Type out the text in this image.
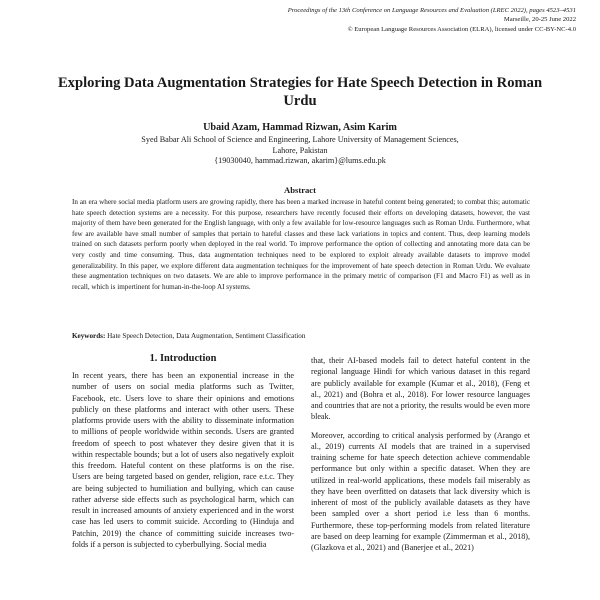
Proceedings of the 13th Conference on Language Resources and Evaluation (LREC 2022), pages 4523–4531
Marseille, 20-25 June 2022
© European Language Resources Association (ELRA), licensed under CC-BY-NC-4.0
Exploring Data Augmentation Strategies for Hate Speech Detection in Roman Urdu
Ubaid Azam, Hammad Rizwan, Asim Karim
Syed Babar Ali School of Science and Engineering, Lahore University of Management Sciences,
Lahore, Pakistan
{19030040, hammad.rizwan, akarim}@lums.edu.pk
Abstract
In an era where social media platform users are growing rapidly, there has been a marked increase in hateful content being generated; to combat this; automatic hate speech detection systems are a necessity. For this purpose, researchers have recently focused their efforts on developing datasets, however, the vast majority of them have been generated for the English language, with only a few available for low-resource languages such as Roman Urdu. Furthermore, what few are available have small number of samples that pertain to hateful classes and these lack variations in topics and content. Thus, deep learning models trained on such datasets perform poorly when deployed in the real world. To improve performance the option of collecting and annotating more data can be very costly and time consuming. Thus, data augmentation techniques need to be explored to exploit already available datasets to improve model generalizability. In this paper, we explore different data augmentation techniques for the improvement of hate speech detection in Roman Urdu. We evaluate these augmentation techniques on two datasets. We are able to improve performance in the primary metric of comparison (F1 and Macro F1) as well as in recall, which is impertinent for human-in-the-loop AI systems.
Keywords: Hate Speech Detection, Data Augmentation, Sentiment Classification
1. Introduction

In recent years, there has been an exponential increase in the number of users on social media platforms such as Twitter, Facebook, etc. Users love to share their opinions and emotions publicly on these platforms and interact with other users. These platforms provide users with the ability to disseminate information to millions of people worldwide within seconds. Users are granted freedom of speech to post whatever they desire given that it is within respectable bounds; but a lot of users also negatively exploit this freedom. Hateful content on these platforms is on the rise. Users are being targeted based on gender, religion, race e.t.c. They are being subjected to humiliation and bullying, which can cause rather adverse side effects such as psychological harm, which can result in increased amounts of anxiety experienced and in the worst case has led users to commit suicide. According to (Hinduja and Patchin, 2019) the chance of committing suicide increases two-folds if a person is subjected to cyberbullying. Social media

that, their AI-based models fail to detect hateful content in the regional language Hindi for which various dataset in this regard are publicly available for example (Kumar et al., 2018), (Feng et al., 2021) and (Bohra et al., 2018). For lower resource languages and countries that are not a priority, the results would be even more bleak.

Moreover, according to critical analysis performed by (Arango et al., 2019) currents AI models that are trained in a supervised training scheme for hate speech detection achieve commendable performance but only within a specific dataset. When they are utilized in real-world applications, these models fail miserably as they have been overfitted on datasets that lack diversity which is inherent of most of the publicly available datasets as they have been sampled over a short period i.e less than 6 months. Furthermore, these top-performing models from related literature are based on deep learning for example (Zimmerman et al., 2018), (Glazkova et al., 2021) and (Banerjee et al., 2021)
